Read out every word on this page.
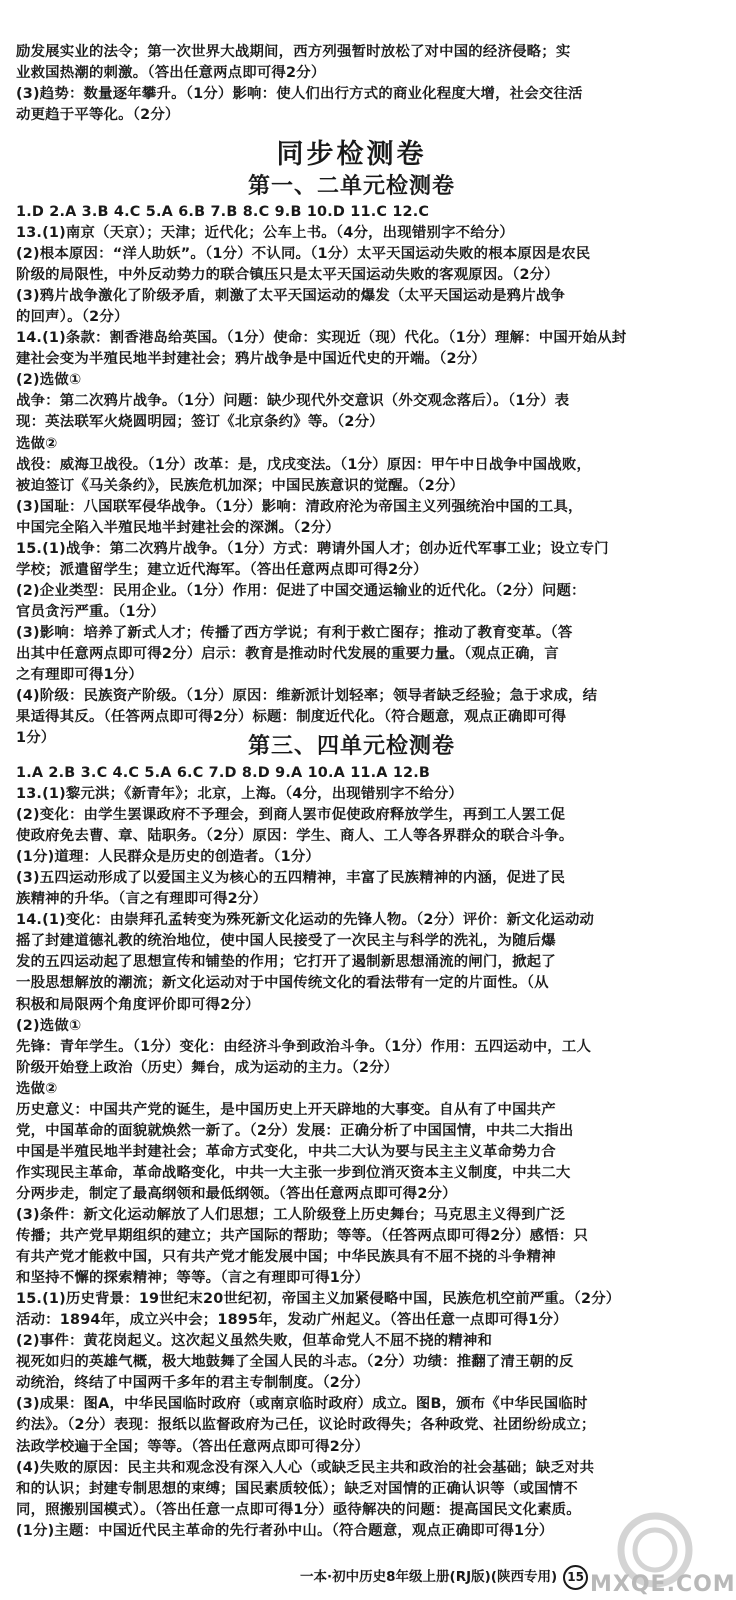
励发展实业的法令；第一次世界大战期间，西方列强暂时放松了对中国的经济侵略；实
业救国热潮的刺激。（答出任意两点即可得2分）
(3)趋势：数量逐年攀升。（1分）影响：使人们出行方式的商业化程度大增，社会交往活
动更趋于平等化。（2分）
同步检测卷
第一、二单元检测卷
1.D 2.A 3.B 4.C 5.A 6.B 7.B 8.C 9.B 10.D 11.C 12.C
13.(1)南京（天京）；天津；近代化；公车上书。（4分，出现错别字不给分）
(2)根本原因：“洋人助妖”。（1分）不认同。（1分）太平天国运动失败的根本原因是农民
阶级的局限性，中外反动势力的联合镇压只是太平天国运动失败的客观原因。（2分）
(3)鸦片战争激化了阶级矛盾，刺激了太平天国运动的爆发（太平天国运动是鸦片战争
的回声）。（2分）
14.(1)条款：割香港岛给英国。（1分）使命：实现近（现）代化。（1分）理解：中国开始从封
建社会变为半殖民地半封建社会；鸦片战争是中国近代史的开端。（2分）
(2)选做①
战争：第二次鸦片战争。（1分）问题：缺少现代外交意识（外交观念落后）。（1分）表
现：英法联军火烧圆明园；签订《北京条约》等。（2分）
选做②
战役：威海卫战役。（1分）改革：是，戊戌变法。（1分）原因：甲午中日战争中国战败，
被迫签订《马关条约》，民族危机加深；中国民族意识的觉醒。（2分）
(3)国耻：八国联军侵华战争。（1分）影响：清政府沦为帝国主义列强统治中国的工具，
中国完全陷入半殖民地半封建社会的深渊。（2分）
15.(1)战争：第二次鸦片战争。（1分）方式：聘请外国人才；创办近代军事工业；设立专门
学校；派遣留学生；建立近代海军。（答出任意两点即可得2分）
(2)企业类型：民用企业。（1分）作用：促进了中国交通运输业的近代化。（2分）问题：
官员贪污严重。（1分）
(3)影响：培养了新式人才；传播了西方学说；有利于救亡图存；推动了教育变革。（答
出其中任意两点即可得2分）启示：教育是推动时代发展的重要力量。（观点正确，言
之有理即可得1分）
(4)阶级：民族资产阶级。（1分）原因：维新派计划轻率；领导者缺乏经验；急于求成，结
果适得其反。（任答两点即可得2分）标题：制度近代化。（符合题意，观点正确即可得
1分）	第三、四单元检测卷
1.A 2.B 3.C 4.C 5.A 6.C 7.D 8.D 9.A 10.A 11.A 12.B
13.(1)黎元洪；《新青年》；北京，上海。（4分，出现错别字不给分）
(2)变化：由学生罢课政府不予理会，到商人罢市促使政府释放学生，再到工人罢工促
使政府免去曹、章、陆职务。（2分）原因：学生、商人、工人等各界群众的联合斗争。
(1分)道理：人民群众是历史的创造者。（1分）
(3)五四运动形成了以爱国主义为核心的五四精神，丰富了民族精神的内涵，促进了民
族精神的升华。（言之有理即可得2分）
14.(1)变化：由崇拜孔孟转变为殊死新文化运动的先锋人物。（2分）评价：新文化运动动
摇了封建道德礼教的统治地位，使中国人民接受了一次民主与科学的洗礼，为随后爆
发的五四运动起了思想宣传和铺垫的作用；它打开了遏制新思想涌流的闸门，掀起了
一股思想解放的潮流；新文化运动对于中国传统文化的看法带有一定的片面性。（从
积极和局限两个角度评价即可得2分）
(2)选做①
先锋：青年学生。（1分）变化：由经济斗争到政治斗争。（1分）作用：五四运动中，工人
阶级开始登上政治（历史）舞台，成为运动的主力。（2分）
选做②
历史意义：中国共产党的诞生，是中国历史上开天辟地的大事变。自从有了中国共产
党，中国革命的面貌就焕然一新了。（2分）发展：正确分析了中国国情，中共二大指出
中国是半殖民地半封建社会；革命方式变化，中共二大认为要与民主主义革命势力合
作实现民主革命，革命战略变化，中共一大主张一步到位消灭资本主义制度，中共二大
分两步走，制定了最高纲领和最低纲领。（答出任意两点即可得2分）
(3)条件：新文化运动解放了人们思想；工人阶级登上历史舞台；马克思主义得到广泛
传播；共产党早期组织的建立；共产国际的帮助；等等。（任答两点即可得2分）感悟：只
有共产党才能救中国，只有共产党才能发展中国；中华民族具有不屈不挠的斗争精神
和坚持不懈的探索精神；等等。（言之有理即可得1分）
15.(1)历史背景：19世纪末20世纪初，帝国主义加紧侵略中国，民族危机空前严重。（2分）
活动：1894年，成立兴中会；1895年，发动广州起义。（答出任意一点即可得1分）
(2)事件：黄花岗起义。这次起义虽然失败，但革命党人不屈不挠的精神和
视死如归的英雄气概，极大地鼓舞了全国人民的斗志。（2分）功绩：推翻了清王朝的反
动统治，终结了中国两千多年的君主专制制度。（2分）
(3)成果：图A，中华民国临时政府（或南京临时政府）成立。图B，颁布《中华民国临时
约法》。（2分）表现：报纸以监督政府为己任，议论时政得失；各种政党、社团纷纷成立；
法政学校遍于全国；等等。（答出任意两点即可得2分）
(4)失败的原因：民主共和观念没有深入人心（或缺乏民主共和政治的社会基础；缺乏对共
和的认识；封建专制思想的束缚；国民素质较低）；缺乏对国情的正确认识等（或国情不
同，照搬别国模式）。（答出任意一点即可得1分）亟待解决的问题：提高国民文化素质。
(1分)主题：中国近代民主革命的先行者孙中山。（符合题意，观点正确即可得1分）
一本·初中历史8年级上册(RJ版)(陕西专用) 15 MXQE.COM
